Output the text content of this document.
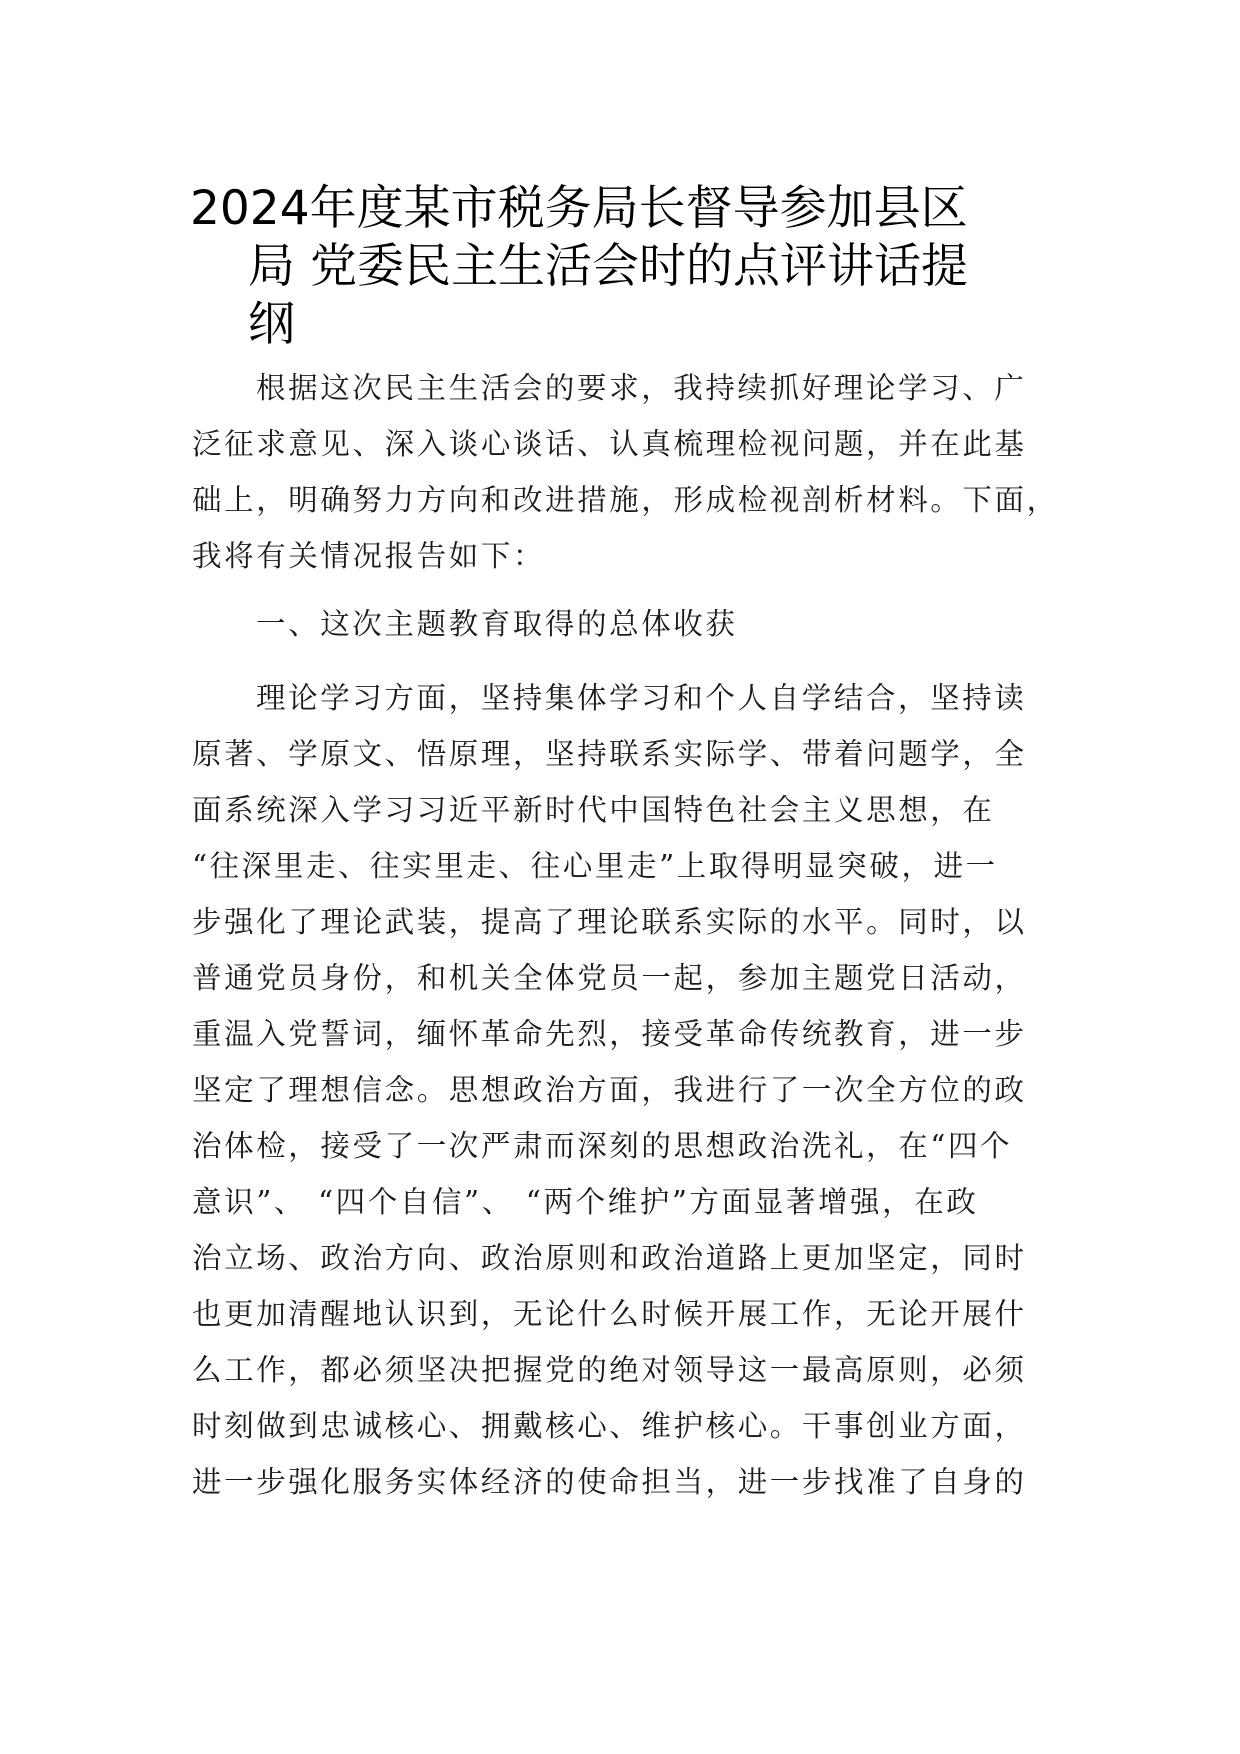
2024年度某市税务局长督导参加县区
局 党委民主生活会时的点评讲话提
纲

根据这次民主生活会的要求，我持续抓好理论学习、广
泛征求意见、深入谈心谈话、认真梳理检视问题，并在此基
础上，明确努力方向和改进措施，形成检视剖析材料。下面，
我将有关情况报告如下：

一、这次主题教育取得的总体收获

理论学习方面，坚持集体学习和个人自学结合，坚持读
原著、学原文、悟原理，坚持联系实际学、带着问题学，全
面系统深入学习习近平新时代中国特色社会主义思想，在
“往深里走、往实里走、往心里走”上取得明显突破，进一
步强化了理论武装，提高了理论联系实际的水平。同时，以
普通党员身份，和机关全体党员一起，参加主题党日活动，
重温入党誓词，缅怀革命先烈，接受革命传统教育，进一步
坚定了理想信念。思想政治方面，我进行了一次全方位的政
治体检，接受了一次严肃而深刻的思想政治洗礼，在“四个
意识”、 “四个自信”、 “两个维护”方面显著增强，在政
治立场、政治方向、政治原则和政治道路上更加坚定，同时
也更加清醒地认识到，无论什么时候开展工作，无论开展什
么工作，都必须坚决把握党的绝对领导这一最高原则，必须
时刻做到忠诚核心、拥戴核心、维护核心。干事创业方面，
进一步强化服务实体经济的使命担当，进一步找准了自身的
